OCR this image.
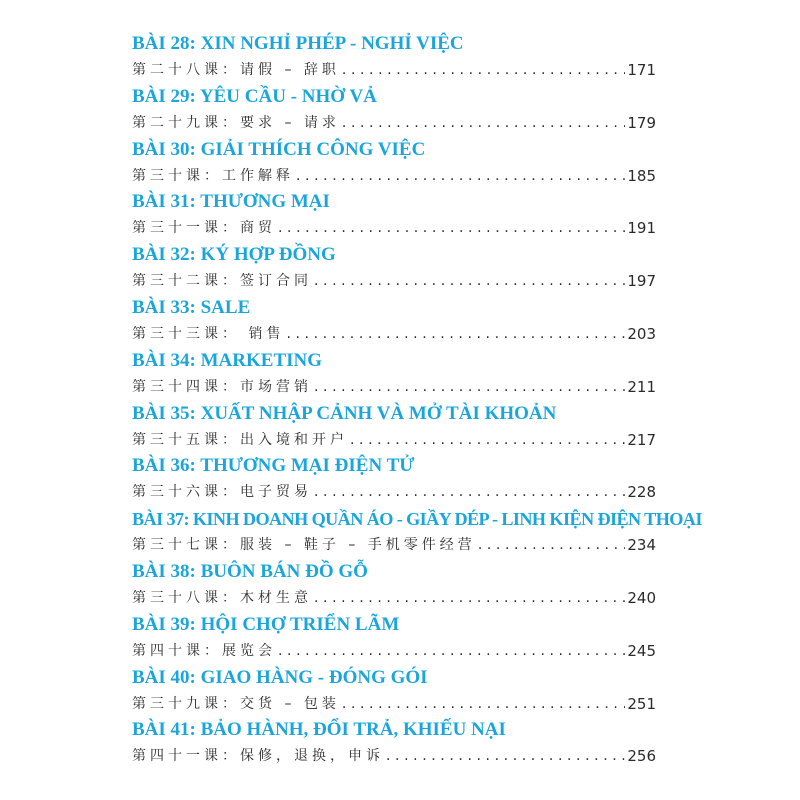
BÀI 28: XIN NGHỈ PHÉP - NGHỈ VIỆC
第二十八课：请假 – 辞职 .....	171
BÀI 29: YÊU CẦU - NHỜ VẢ
第二十九课：要求 – 请求 .....	179
BÀI 30: GIẢI THÍCH CÔNG VIỆC
第三十课：工作解释 .....	185
BÀI 31: THƯƠNG MẠI
第三十一课：商贸 .....	191
BÀI 32: KÝ HỢP ĐỒNG
第三十二课：签订合同 .....	197
BÀI 33: SALE
第三十三课： 销售 .....	203
BÀI 34: MARKETING
第三十四课：市场营销 .....	211
BÀI 35: XUẤT NHẬP CẢNH VÀ MỞ TÀI KHOẢN
第三十五课：出入境和开户 .....	217
BÀI 36: THƯƠNG MẠI ĐIỆN TỬ
第三十六课：电子贸易 .....	228
BÀI 37: KINH DOANH QUẦN ÁO - GIẦY DÉP - LINH KIỆN ĐIỆN THOẠI
第三十七课：服装 – 鞋子 – 手机零件经营 .....	234
BÀI 38: BUÔN BÁN ĐỒ GỖ
第三十八课：木材生意 .....	240
BÀI 39: HỘI CHỢ TRIỂN LÃM
第四十课：展览会 .....	245
BÀI 40: GIAO HÀNG - ĐÓNG GÓI
第三十九课：交货 – 包装 .....	251
BÀI 41: BẢO HÀNH, ĐỔI TRẢ, KHIẾU NẠI
第四十一课：保修，退换，申诉 .....	256
